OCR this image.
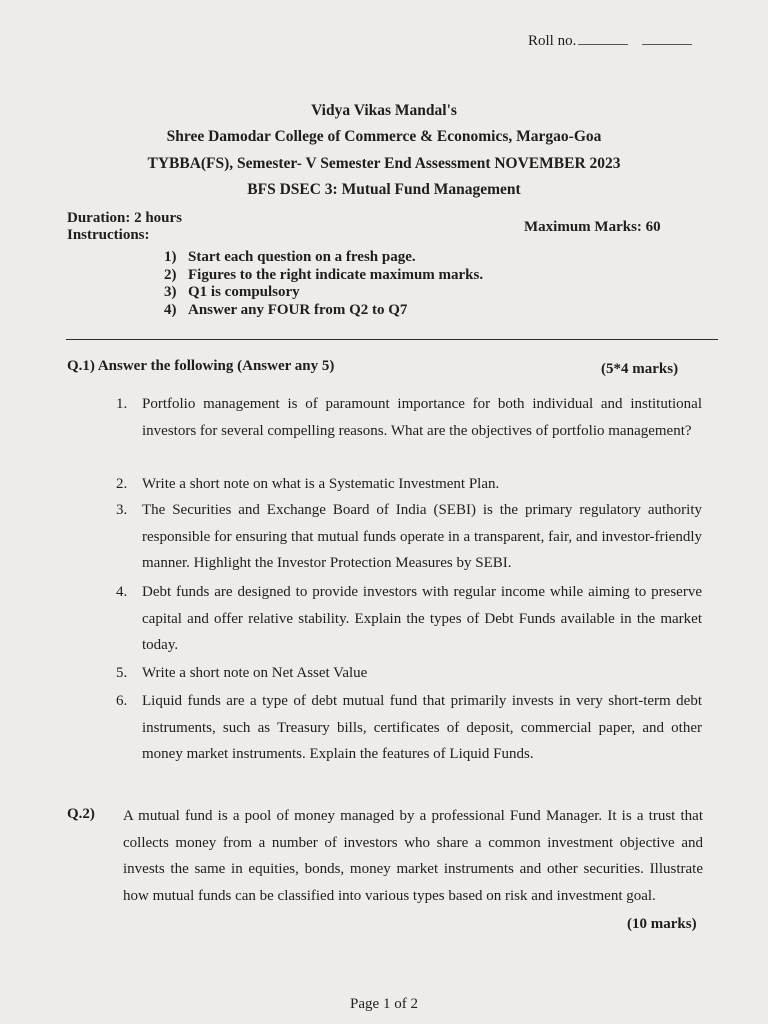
Roll no.
Vidya Vikas Mandal's
Shree Damodar College of Commerce & Economics, Margao-Goa
TYBBA(FS), Semester- V Semester End Assessment NOVEMBER 2023
BFS DSEC 3: Mutual Fund Management
Duration: 2 hours
Instructions:	Maximum Marks: 60
1) Start each question on a fresh page.
2) Figures to the right indicate maximum marks.
3) Q1 is compulsory
4) Answer any FOUR from Q2 to Q7
Q.1) Answer the following (Answer any 5)	(5*4 marks)
1. Portfolio management is of paramount importance for both individual and institutional investors for several compelling reasons. What are the objectives of portfolio management?
2. Write a short note on what is a Systematic Investment Plan.
3. The Securities and Exchange Board of India (SEBI) is the primary regulatory authority responsible for ensuring that mutual funds operate in a transparent, fair, and investor-friendly manner. Highlight the Investor Protection Measures by SEBI.
4. Debt funds are designed to provide investors with regular income while aiming to preserve capital and offer relative stability. Explain the types of Debt Funds available in the market today.
5. Write a short note on Net Asset Value
6. Liquid funds are a type of debt mutual fund that primarily invests in very short-term debt instruments, such as Treasury bills, certificates of deposit, commercial paper, and other money market instruments. Explain the features of Liquid Funds.
Q.2) A mutual fund is a pool of money managed by a professional Fund Manager. It is a trust that collects money from a number of investors who share a common investment objective and invests the same in equities, bonds, money market instruments and other securities. Illustrate how mutual funds can be classified into various types based on risk and investment goal.
(10 marks)
Page 1 of 2
